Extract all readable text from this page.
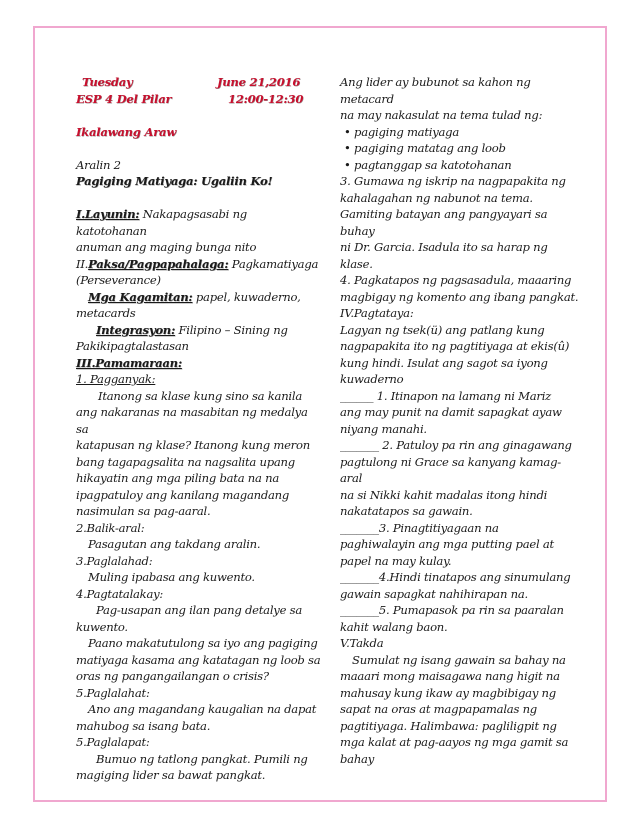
Tuesday	June 21,2016

ESP 4 Del Pilar	12:00-12:30

Ikalawang Araw

Aralin 2

Pagiging Matiyaga: Ugaliin Ko!

I.Layunin: Nakapagsasabi ng katotohanan

anuman ang maging bunga nito

II.Paksa/Pagpapahalaga: Pagkamatiyaga

(Perseverance)

Mga Kagamitan: papel, kuwaderno,

metacards

Integrasyon: Filipino – Sining ng

Pakikipagtalastasan

III.Pamamaraan:

1. Pagganyak:

Itanong sa klase kung sino sa kanila

ang nakaranas na masabitan ng medalya sa

katapusan ng klase? Itanong kung meron

bang tagapagsalita na nagsalita upang

hikayatin ang mga piling bata na na

ipagpatuloy ang kanilang magandang

nasimulan sa pag-aaral.

2.Balik-aral:

Pasagutan ang takdang aralin.

3.Paglalahad:

Muling ipabasa ang kuwento.

4.Pagtatalakay:

Pag-usapan ang ilan pang detalye sa

kuwento.

Paano makatutulong sa iyo ang pagiging

matiyaga kasama ang katatagan ng loob sa

oras ng pangangailangan o crisis?

5.Paglalahat:

Ano ang magandang kaugalian na dapat

mahubog sa isang bata.

5.Paglalapat:

Bumuo ng tatlong pangkat. Pumili ng

magiging lider sa bawat pangkat.

Ang lider ay bubunot sa kahon ng metacard

na may nakasulat na tema tulad ng:

• pagiging matiyaga

• pagiging matatag ang loob

• pagtanggap sa katotohanan

3. Gumawa ng iskrip na nagpapakita ng

kahalagahan ng nabunot na tema.

Gamiting batayan ang pangyayari sa buhay

ni Dr. Garcia. Isadula ito sa harap ng

klase.

4. Pagkatapos ng pagsasadula, maaaring

magbigay ng komento ang ibang pangkat.

IV.Pagtataya:

Lagyan ng tsek(ü) ang patlang kung

nagpapakita ito ng pagtitiyaga at ekis(û)

kung hindi. Isulat ang sagot sa iyong

kuwaderno

______ 1. Itinapon na lamang ni Mariz

ang may punit na damit sapagkat ayaw

niyang manahi.

_______ 2. Patuloy pa rin ang ginagawang

pagtulong ni Grace sa kanyang kamag-aral

na si Nikki kahit madalas itong hindi

nakatatapos sa gawain.

_______3. Pinagtitiyagaan na

paghiwalayin ang mga putting pael at

papel na may kulay.

_______4.Hindi tinatapos ang sinumulang

gawain sapagkat nahihirapan na.

_______5. Pumapasok pa rin sa paaralan

kahit walang baon.

V.Takda

Sumulat ng isang gawain sa bahay na

maaari mong maisagawa nang higit na

mahusay kung ikaw ay magbibigay ng

sapat na oras at magpapamalas ng

pagtitiyaga. Halimbawa: pagliligpit ng

mga kalat at pag-aayos ng mga gamit sa

bahay
